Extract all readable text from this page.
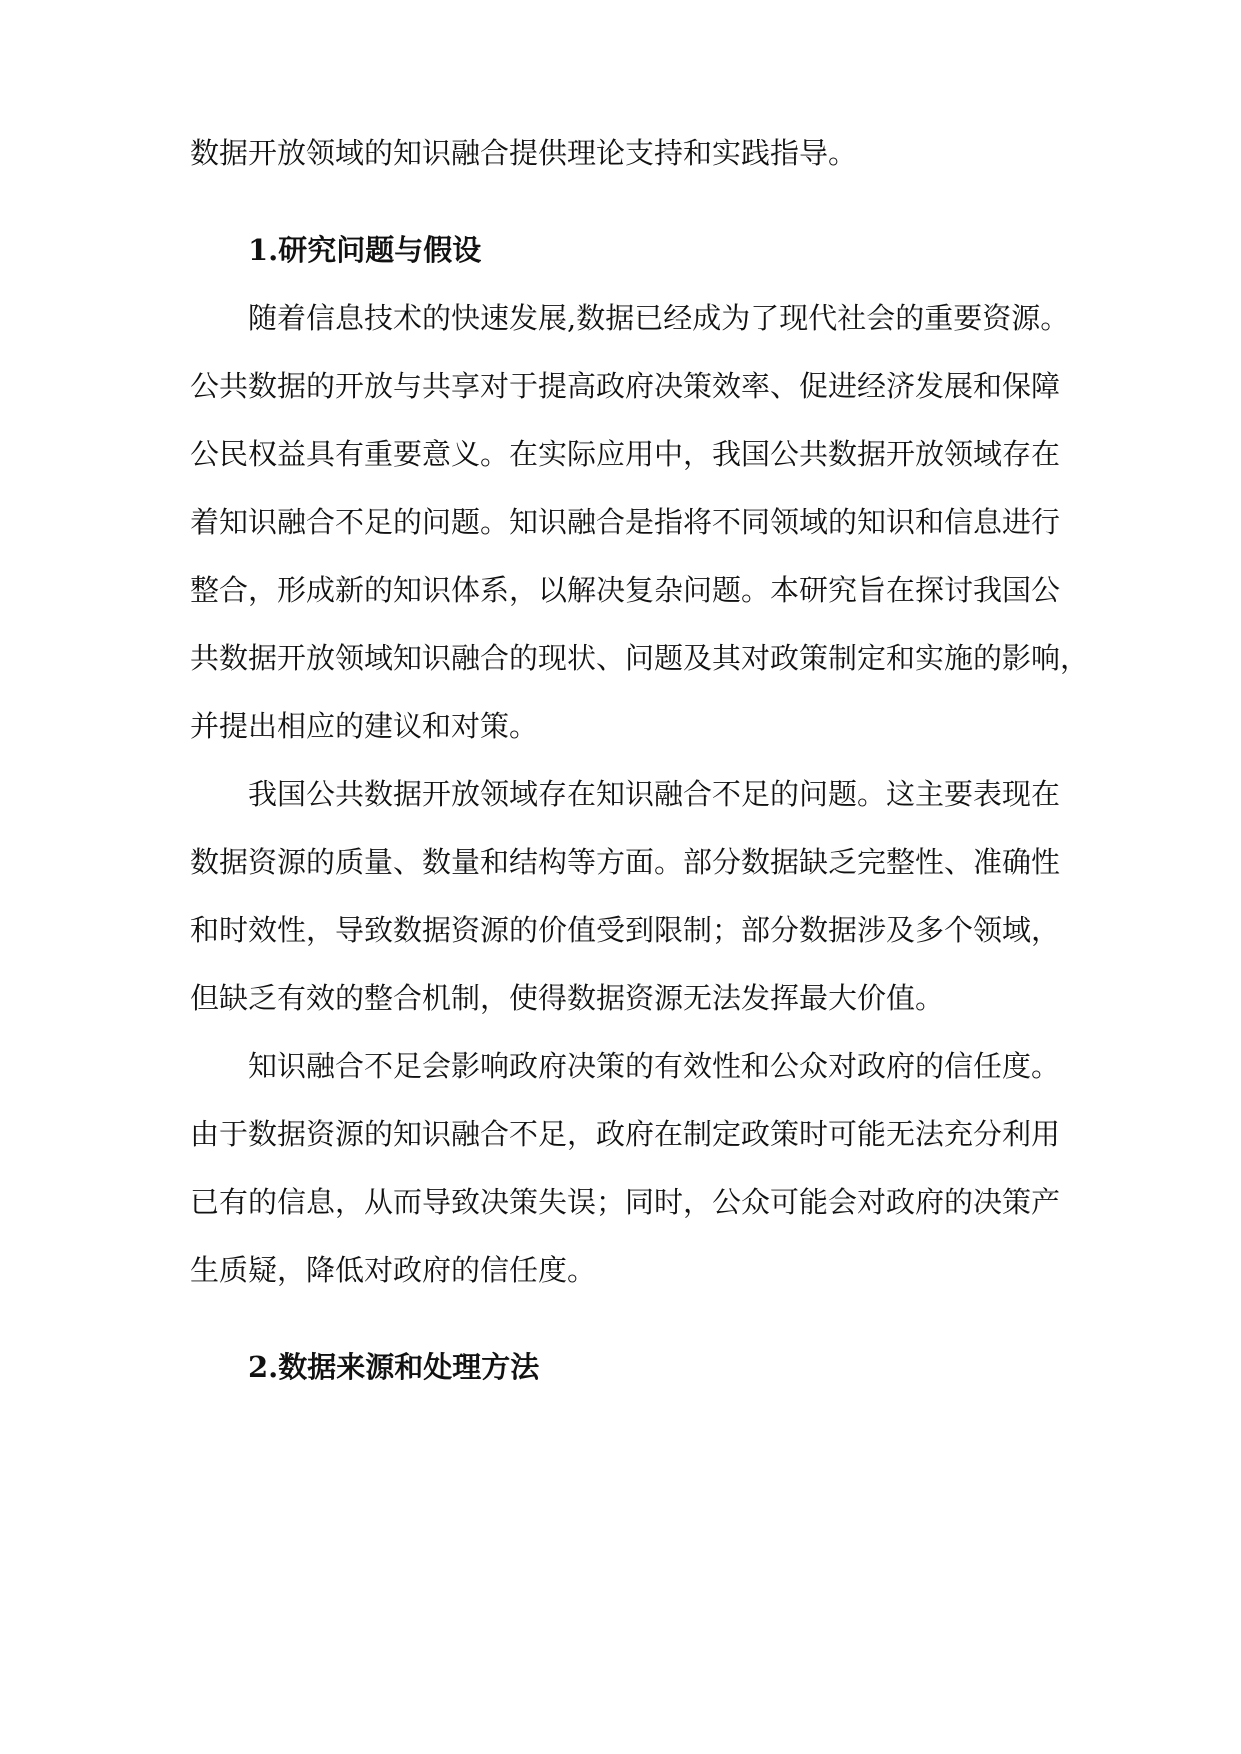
数据开放领域的知识融合提供理论支持和实践指导。
1.研究问题与假设
随着信息技术的快速发展,数据已经成为了现代社会的重要资源。
公共数据的开放与共享对于提高政府决策效率、促进经济发展和保障
公民权益具有重要意义。在实际应用中，我国公共数据开放领域存在
着知识融合不足的问题。知识融合是指将不同领域的知识和信息进行
整合，形成新的知识体系，以解决复杂问题。本研究旨在探讨我国公
共数据开放领域知识融合的现状、问题及其对政策制定和实施的影响，
并提出相应的建议和对策。
我国公共数据开放领域存在知识融合不足的问题。这主要表现在
数据资源的质量、数量和结构等方面。部分数据缺乏完整性、准确性
和时效性，导致数据资源的价值受到限制；部分数据涉及多个领域，
但缺乏有效的整合机制，使得数据资源无法发挥最大价值。
知识融合不足会影响政府决策的有效性和公众对政府的信任度。
由于数据资源的知识融合不足，政府在制定政策时可能无法充分利用
已有的信息，从而导致决策失误；同时，公众可能会对政府的决策产
生质疑，降低对政府的信任度。
2.数据来源和处理方法
